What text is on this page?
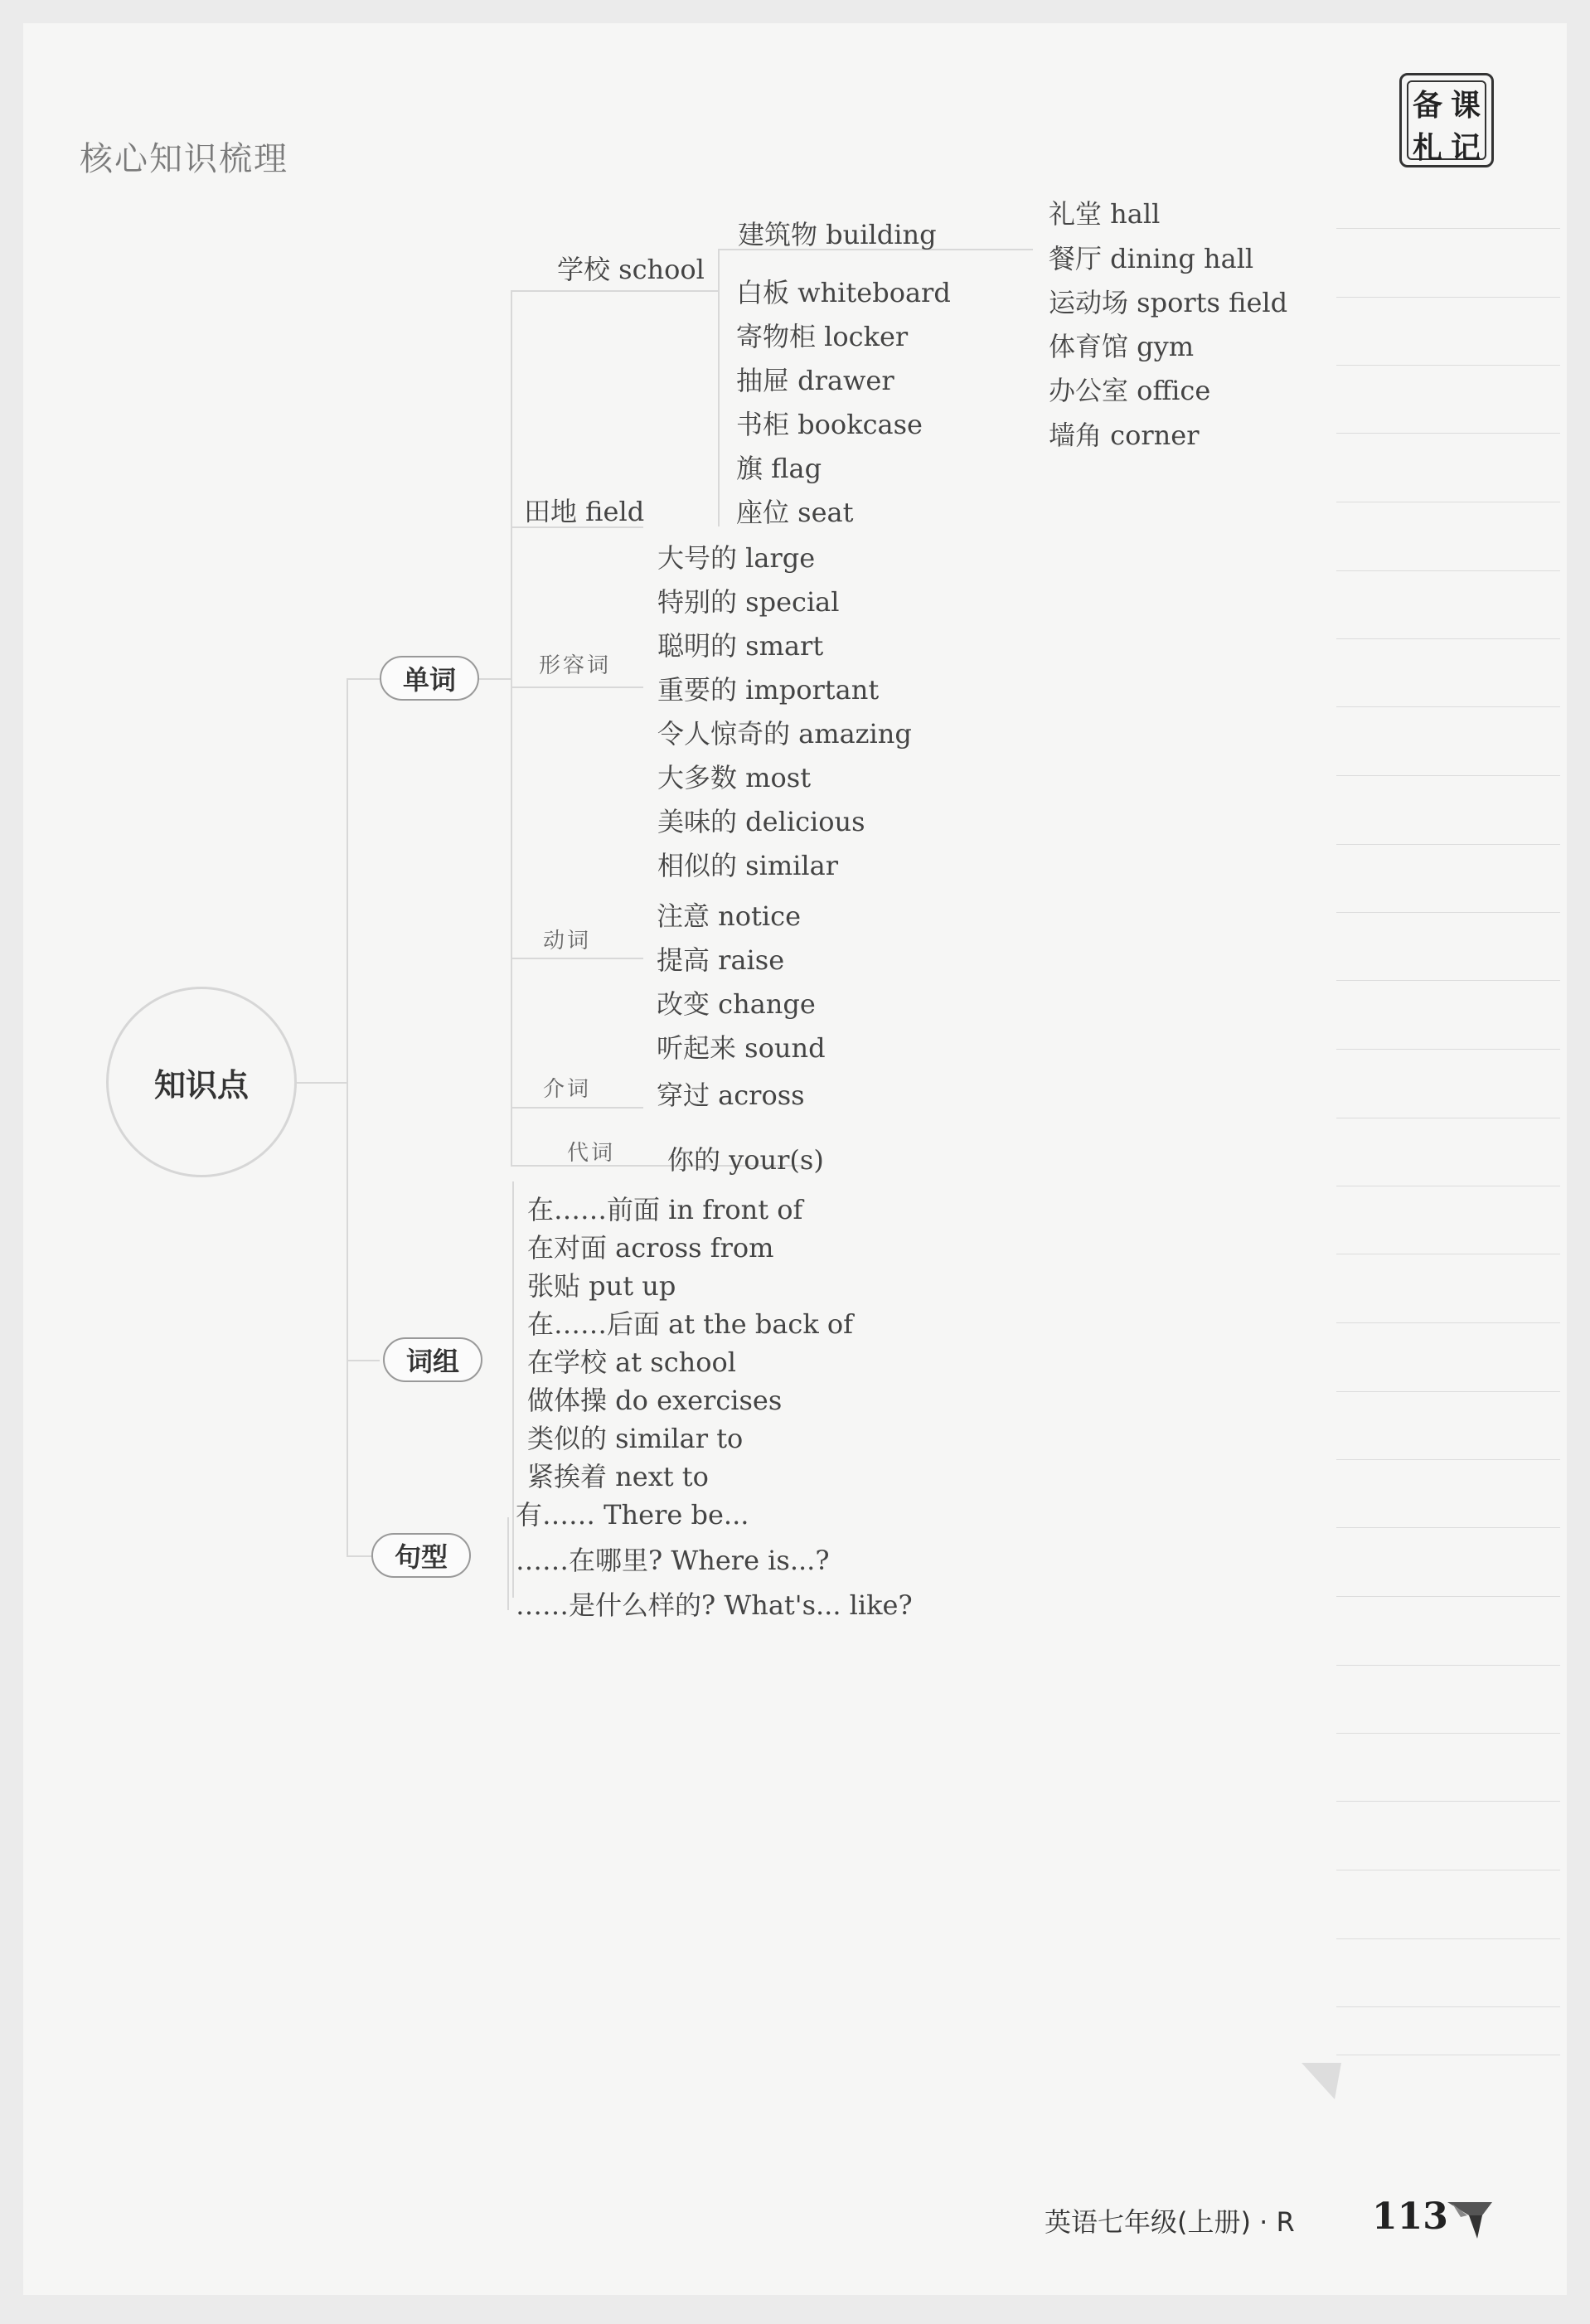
核心知识梳理
备 课
札 记
知识点
学校 school
田地 field
建筑物 building
礼堂 hall
餐厅 dining hall
运动场 sports field
体育馆 gym
办公室 office
墙角 corner
白板 whiteboard
寄物柜 locker
抽屉 drawer
书柜 bookcase
旗 flag
座位 seat
形容词
大号的 large
特别的 special
聪明的 smart
重要的 important
令人惊奇的 amazing
大多数 most
美味的 delicious
相似的 similar
动词
注意 notice
提高 raise
改变 change
听起来 sound
介词 穿过 across
代词 你的 your(s)
单词
词组
句型
在……前面 in front of
在对面 across from
张贴 put up
在……后面 at the back of
在学校 at school
做体操 do exercises
类似的 similar to
紧挨着 next to
有…… There be...
……在哪里? Where is...?
……是什么样的? What's... like?
英语七年级(上册) · R 113
